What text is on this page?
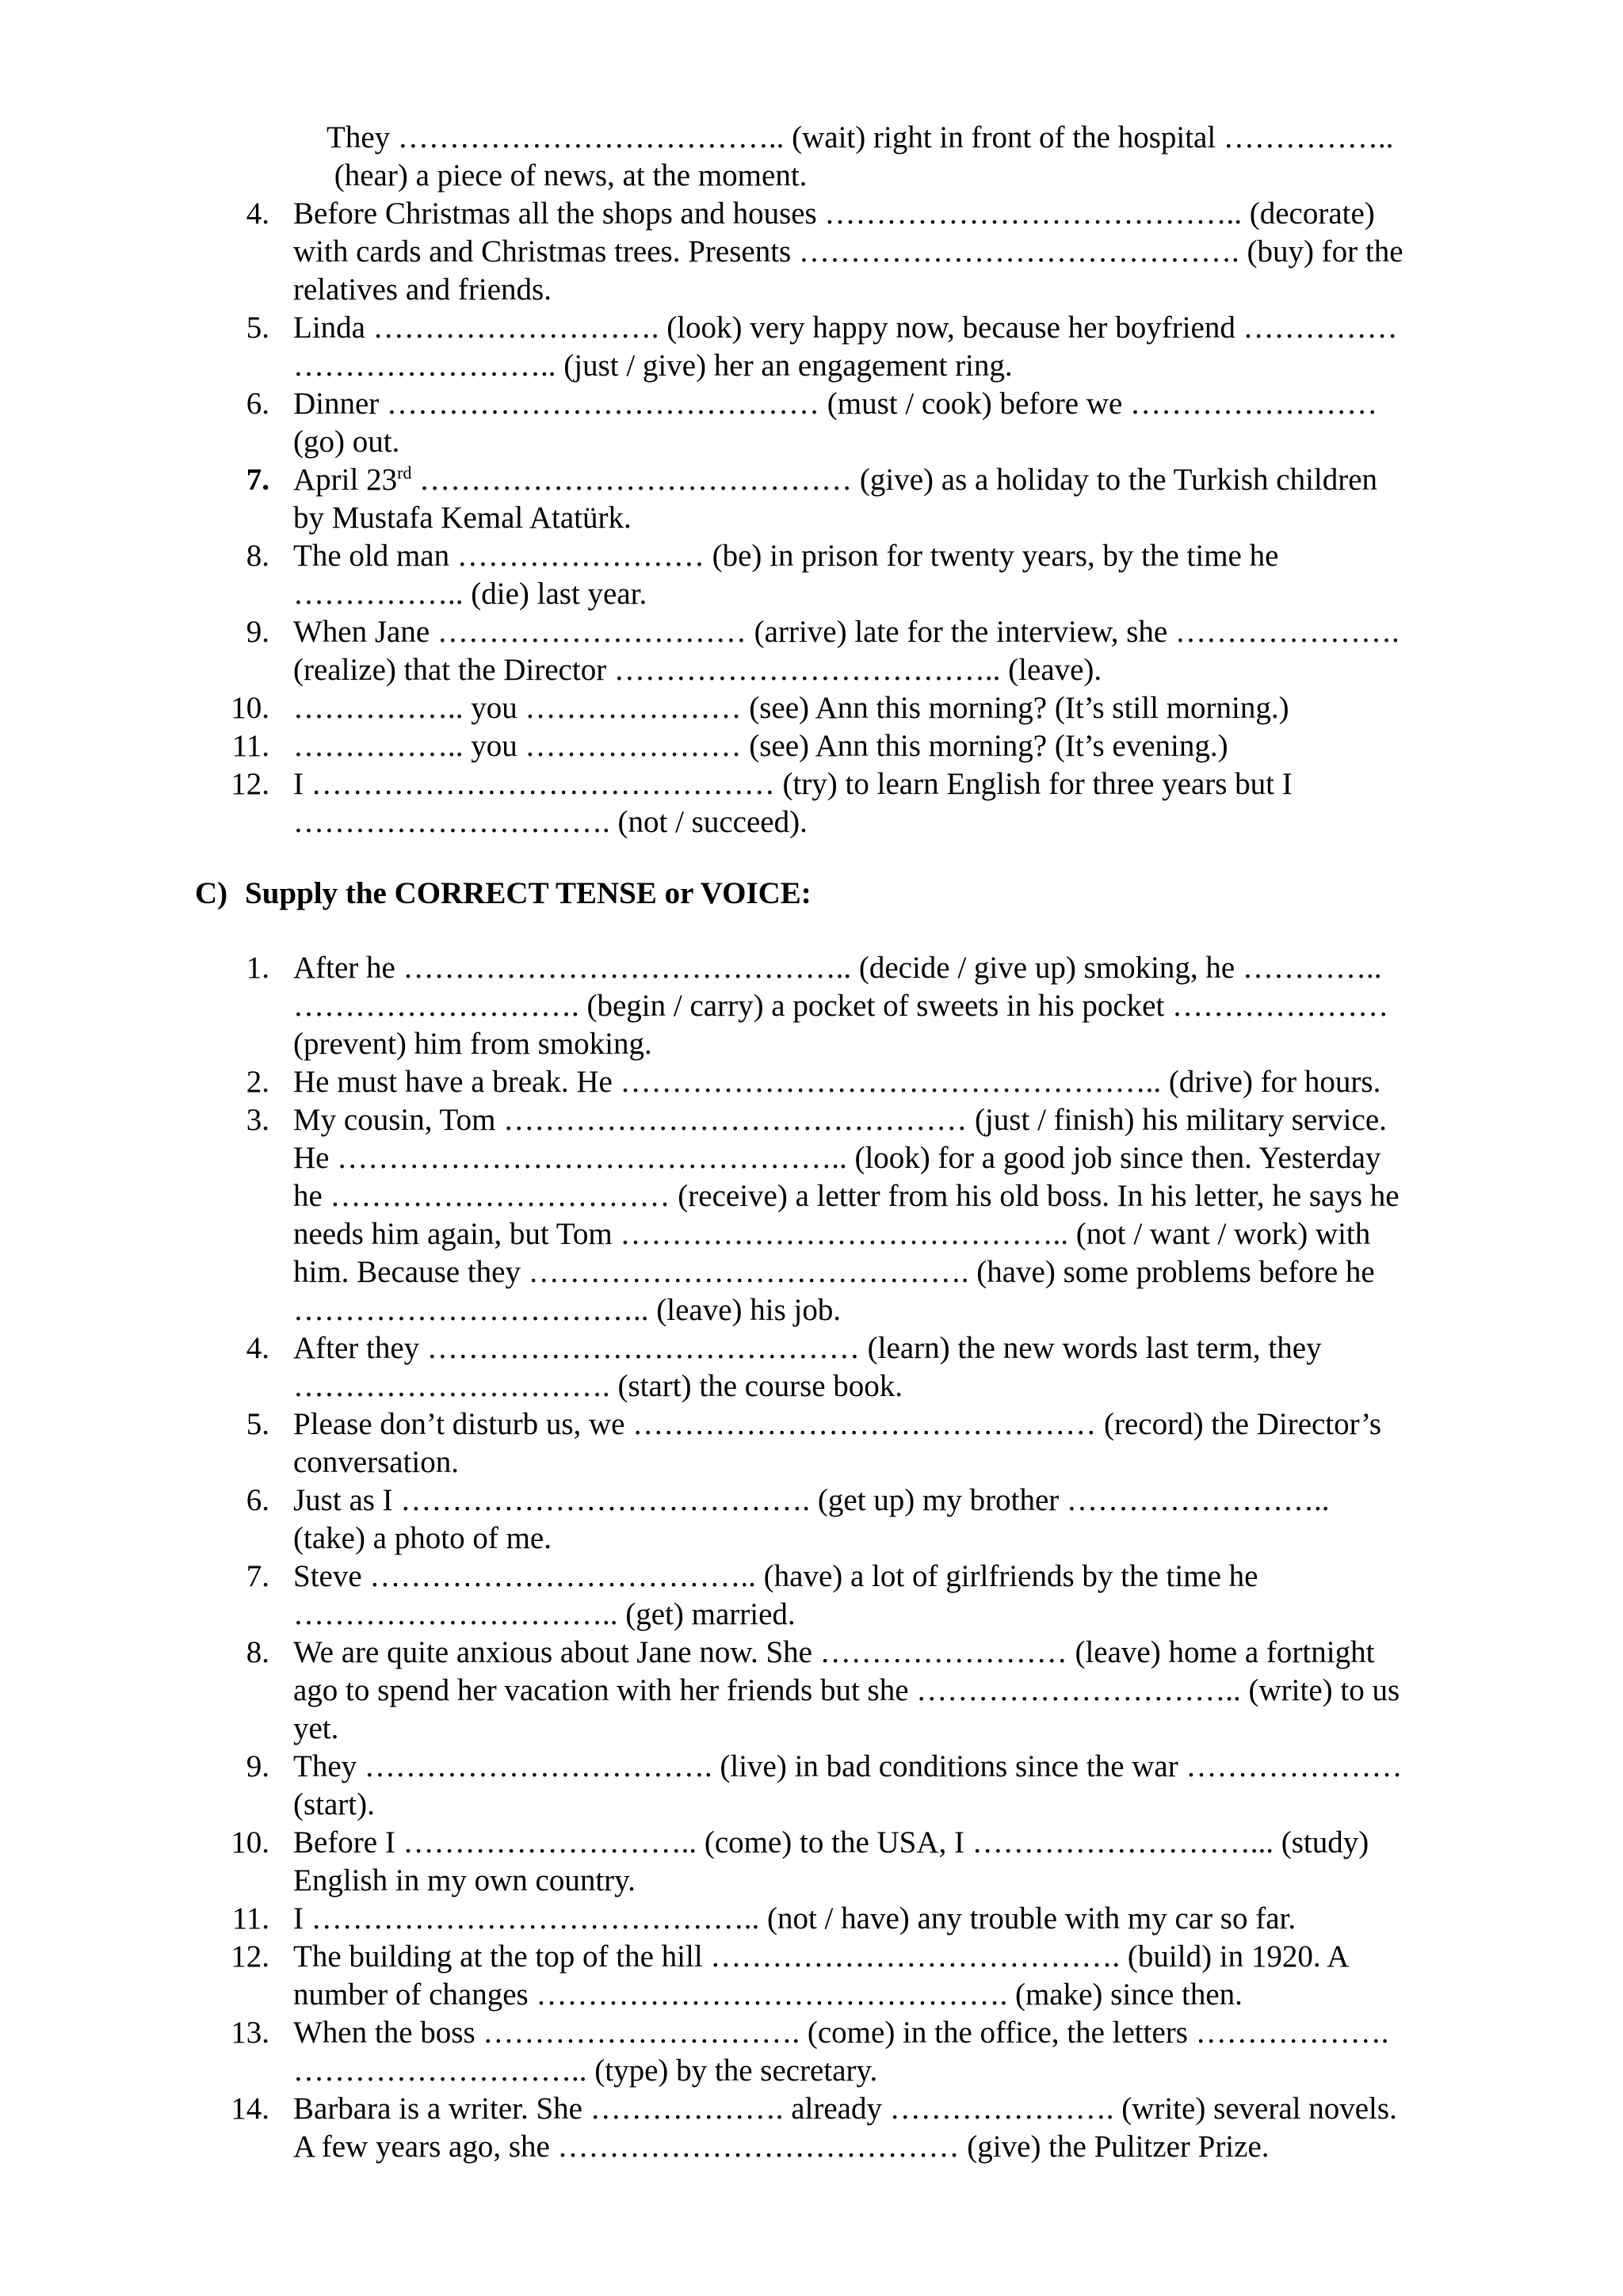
They ……………………………….. (wait) right in front of the hospital ……………..
(hear) a piece of news, at the moment.
4. Before Christmas all the shops and houses ………………………………….. (decorate)
with cards and Christmas trees. Presents ……………………………………. (buy) for the
relatives and friends.
5. Linda ………………………. (look) very happy now, because her boyfriend ……………
…………………….. (just / give) her an engagement ring.
6. Dinner …………………………………… (must / cook) before we ……………………
(go) out.
7. April 23rd …………………………………… (give) as a holiday to the Turkish children
by Mustafa Kemal Atatürk.
8. The old man …………………… (be) in prison for twenty years, by the time he
…………….. (die) last year.
9. When Jane ………………………… (arrive) late for the interview, she ………………….
(realize) that the Director ……………………………….. (leave).
10. …………….. you ………………… (see) Ann this morning? (It’s still morning.)
11. …………….. you ………………… (see) Ann this morning? (It’s evening.)
12. I ……………………………………… (try) to learn English for three years but I
…………………………. (not / succeed).
C) Supply the CORRECT TENSE or VOICE:
1. After he …………………………………….. (decide / give up) smoking, he …………..
………………………. (begin / carry) a pocket of sweets in his pocket …………………
(prevent) him from smoking.
2. He must have a break. He …………………………………………….. (drive) for hours.
3. My cousin, Tom ……………………………………… (just / finish) his military service.
He ………………………………………….. (look) for a good job since then. Yesterday
he …………………………… (receive) a letter from his old boss. In his letter, he says he
needs him again, but Tom …………………………………….. (not / want / work) with
him. Because they ……………………………………. (have) some problems before he
…………………………….. (leave) his job.
4. After they …………………………………… (learn) the new words last term, they
…………………………. (start) the course book.
5. Please don’t disturb us, we ……………………………………… (record) the Director’s
conversation.
6. Just as I …………………………………. (get up) my brother ……………………..
(take) a photo of me.
7. Steve ……………………………….. (have) a lot of girlfriends by the time he
………………………….. (get) married.
8. We are quite anxious about Jane now. She …………………… (leave) home a fortnight
ago to spend her vacation with her friends but she ………………………….. (write) to us
yet.
9. They ……………………………. (live) in bad conditions since the war …………………
(start).
10. Before I ……………………….. (come) to the USA, I ………………………... (study)
English in my own country.
11. I …………………………………….. (not / have) any trouble with my car so far.
12. The building at the top of the hill …………………………………. (build) in 1920. A
number of changes ………………………………………. (make) since then.
13. When the boss …………………………. (come) in the office, the letters ……………….
……………………….. (type) by the secretary.
14. Barbara is a writer. She ………………. already …………………. (write) several novels.
A few years ago, she ………………………………… (give) the Pulitzer Prize.
